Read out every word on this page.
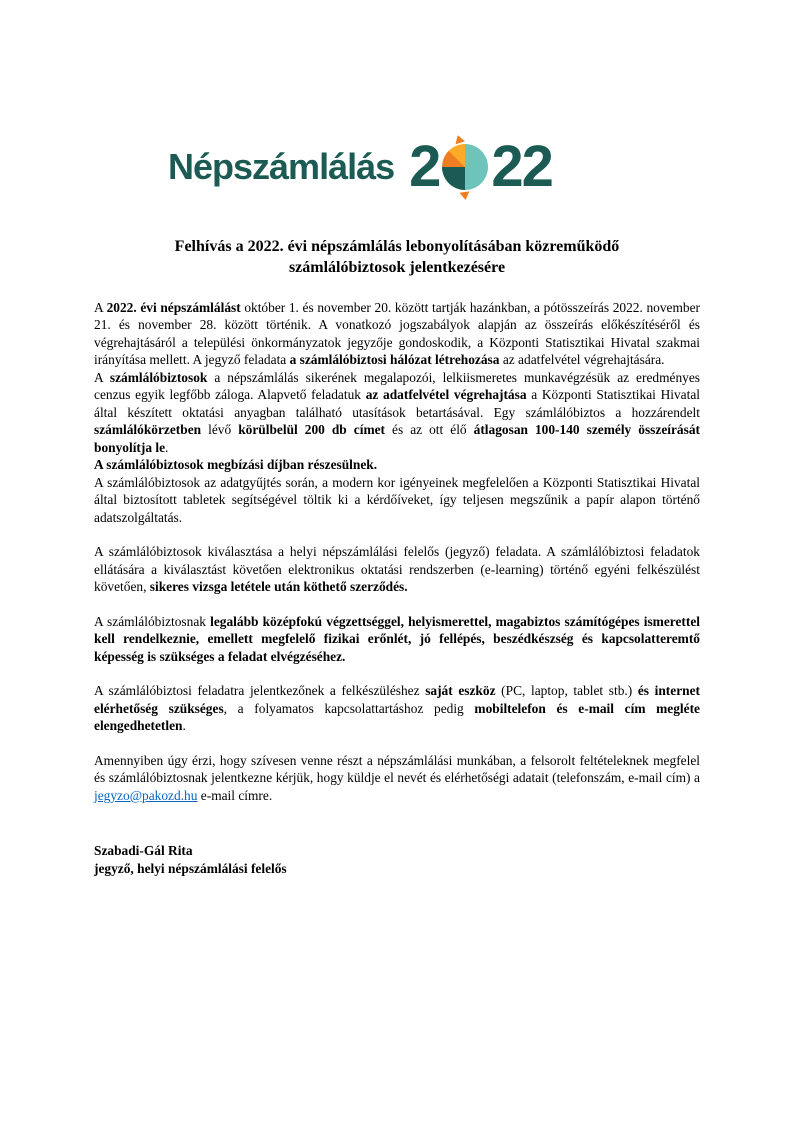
Népszámlálás 2 22
Felhívás a 2022. évi népszámlálás lebonyolításában közreműködő
számlálóbiztosok jelentkezésére

A 2022. évi népszámlálást október 1. és november 20. között tartják hazánkban, a pótösszeírás 2022. november 21. és november 28. között történik. A vonatkozó jogszabályok alapján az összeírás előkészítéséről és végrehajtásáról a települési önkormányzatok jegyzője gondoskodik, a Központi Statisztikai Hivatal szakmai irányítása mellett. A jegyző feladata a számlálóbiztosi hálózat létrehozása az adatfelvétel végrehajtására.

A számlálóbiztosok a népszámlálás sikerének megalapozói, lelkiismeretes munkavégzésük az eredményes cenzus egyik legfőbb záloga. Alapvető feladatuk az adatfelvétel végrehajtása a Központi Statisztikai Hivatal által készített oktatási anyagban található utasítások betartásával. Egy számlálóbiztos a hozzárendelt számlálókörzetben lévő körülbelül 200 db címet és az ott élő átlagosan 100-140 személy összeírását bonyolítja le.

A számlálóbiztosok megbízási díjban részesülnek.

A számlálóbiztosok az adatgyűjtés során, a modern kor igényeinek megfelelően a Központi Statisztikai Hivatal által biztosított tabletek segítségével töltik ki a kérdőíveket, így teljesen megszűnik a papír alapon történő adatszolgáltatás.

A számlálóbiztosok kiválasztása a helyi népszámlálási felelős (jegyző) feladata. A számlálóbiztosi feladatok ellátására a kiválasztást követően elektronikus oktatási rendszerben (e-learning) történő egyéni felkészülést követően, sikeres vizsga letétele után köthető szerződés.

A számlálóbiztosnak legalább középfokú végzettséggel, helyismerettel, magabiztos számítógépes ismerettel kell rendelkeznie, emellett megfelelő fizikai erőnlét, jó fellépés, beszédkészség és kapcsolatteremtő képesség is szükséges a feladat elvégzéséhez.

A számlálóbiztosi feladatra jelentkezőnek a felkészüléshez saját eszköz (PC, laptop, tablet stb.) és internet elérhetőség szükséges, a folyamatos kapcsolattartáshoz pedig mobiltelefon és e-mail cím megléte elengedhetetlen.

Amennyiben úgy érzi, hogy szívesen venne részt a népszámlálási munkában, a felsorolt feltételeknek megfelel és számlálóbiztosnak jelentkezne kérjük, hogy küldje el nevét és elérhetőségi adatait (telefonszám, e-mail cím) a jegyzo@pakozd.hu e-mail címre.

Szabadi-Gál Rita
jegyző, helyi népszámlálási felelős
